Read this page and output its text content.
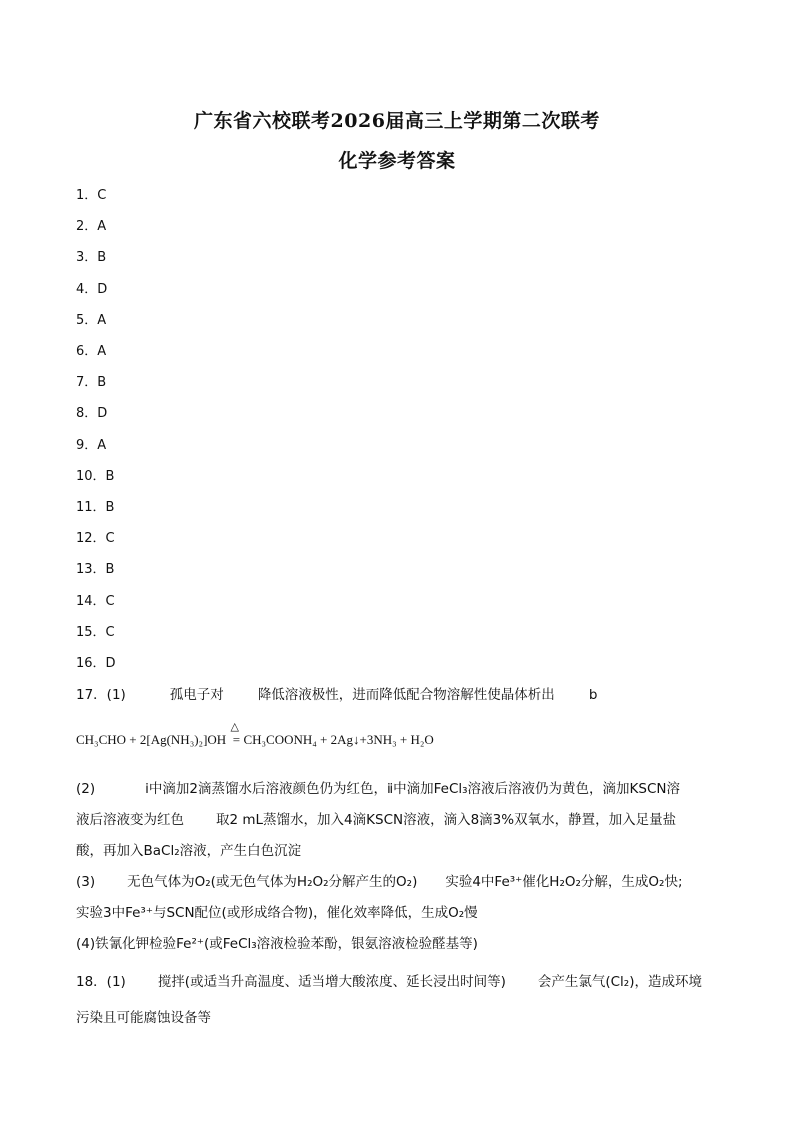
广东省六校联考2026届高三上学期第二次联考
化学参考答案
1．C
2．A
3．B
4．D
5．A
6．A
7．B
8．D
9．A
10．B
11．B
12．C
13．B
14．C
15．C
16．D
17．(1)	孤电子对	降低溶液极性，进而降低配合物溶解性使晶体析出	b
CH₃CHO + 2[Ag(NH₃)₂]OH
△
=CH₃COONH₄ + 2Ag↓+3NH₃ + H₂O
(2)	ⅰ中滴加2滴蒸馏水后溶液颜色仍为红色，ⅱ中滴加FeCl₃溶液后溶液仍为黄色，滴加KSCN溶
液后溶液变为红色 取2 mL蒸馏水，加入4滴KSCN溶液，滴入8滴3%双氧水，静置，加入足量盐
酸，再加入BaCl₂溶液，产生白色沉淀
(3) 无色气体为O₂(或无色气体为H₂O₂分解产生的O₂) 实验4中Fe³⁺催化H₂O₂分解，生成O₂快;
实验3中Fe³⁺与SCN配位(或形成络合物)，催化效率降低，生成O₂慢
(4)铁氰化钾检验Fe²⁺(或FeCl₃溶液检验苯酚，银氨溶液检验醛基等)
18．(1) 搅拌(或适当升高温度、适当增大酸浓度、延长浸出时间等) 会产生氯气(Cl₂)，造成环境
污染且可能腐蚀设备等
